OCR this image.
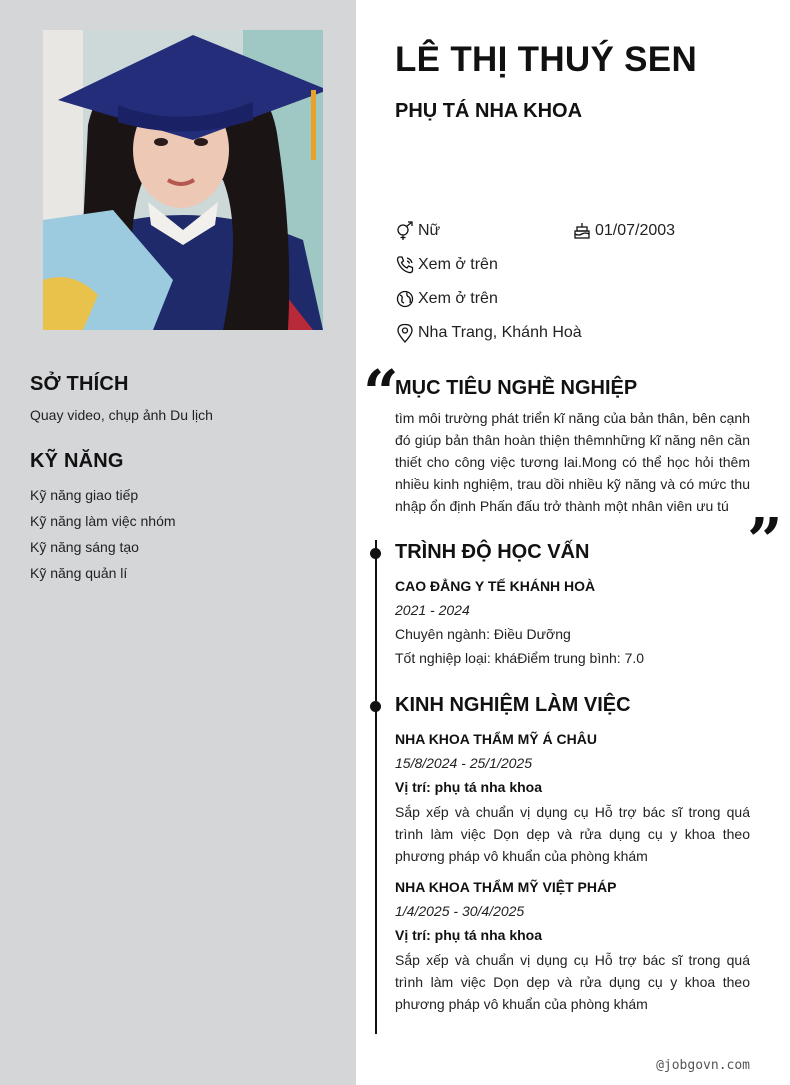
SỞ THÍCH
Quay video, chụp ảnh Du lịch
KỸ NĂNG
Kỹ năng giao tiếp
Kỹ năng làm việc nhóm
Kỹ năng sáng tạo
Kỹ năng quản lí
LÊ THỊ THUÝ SEN
PHỤ TÁ NHA KHOA
Nữ	01/07/2003
Xem ở trên
Xem ở trên
Nha Trang, Khánh Hoà
“
MỤC TIÊU NGHỀ NGHIỆP

tìm môi trường phát triển kĩ năng của bản thân, bên cạnh đó giúp bản thân hoàn thiện thêmnhững kĩ năng nên cần thiết cho công việc tương lai.Mong có thể học hỏi thêm nhiều kinh nghiệm, trau dồi nhiều kỹ năng và có mức thu nhập ổn định Phấn đấu trở thành một nhân viên ưu tú ”
TRÌNH ĐỘ HỌC VẤN
CAO ĐẲNG Y TẾ KHÁNH HOÀ
2021 - 2024
Chuyên ngành: Điều Dưỡng
Tốt nghiệp loại: kháĐiểm trung bình: 7.0
KINH NGHIỆM LÀM VIỆC
NHA KHOA THẨM MỸ Á CHÂU
15/8/2024 - 25/1/2025
Vị trí: phụ tá nha khoa

Sắp xếp và chuẩn vị dụng cụ Hỗ trợ bác sĩ trong quá trình làm việc Dọn dẹp và rửa dụng cụ y khoa theo phương pháp vô khuẩn của phòng khám

NHA KHOA THẨM MỸ VIỆT PHÁP
1/4/2025 - 30/4/2025
Vị trí: phụ tá nha khoa

Sắp xếp và chuẩn vị dụng cụ Hỗ trợ bác sĩ trong quá trình làm việc Dọn dẹp và rửa dụng cụ y khoa theo phương pháp vô khuẩn của phòng khám

@jobgovn.com
